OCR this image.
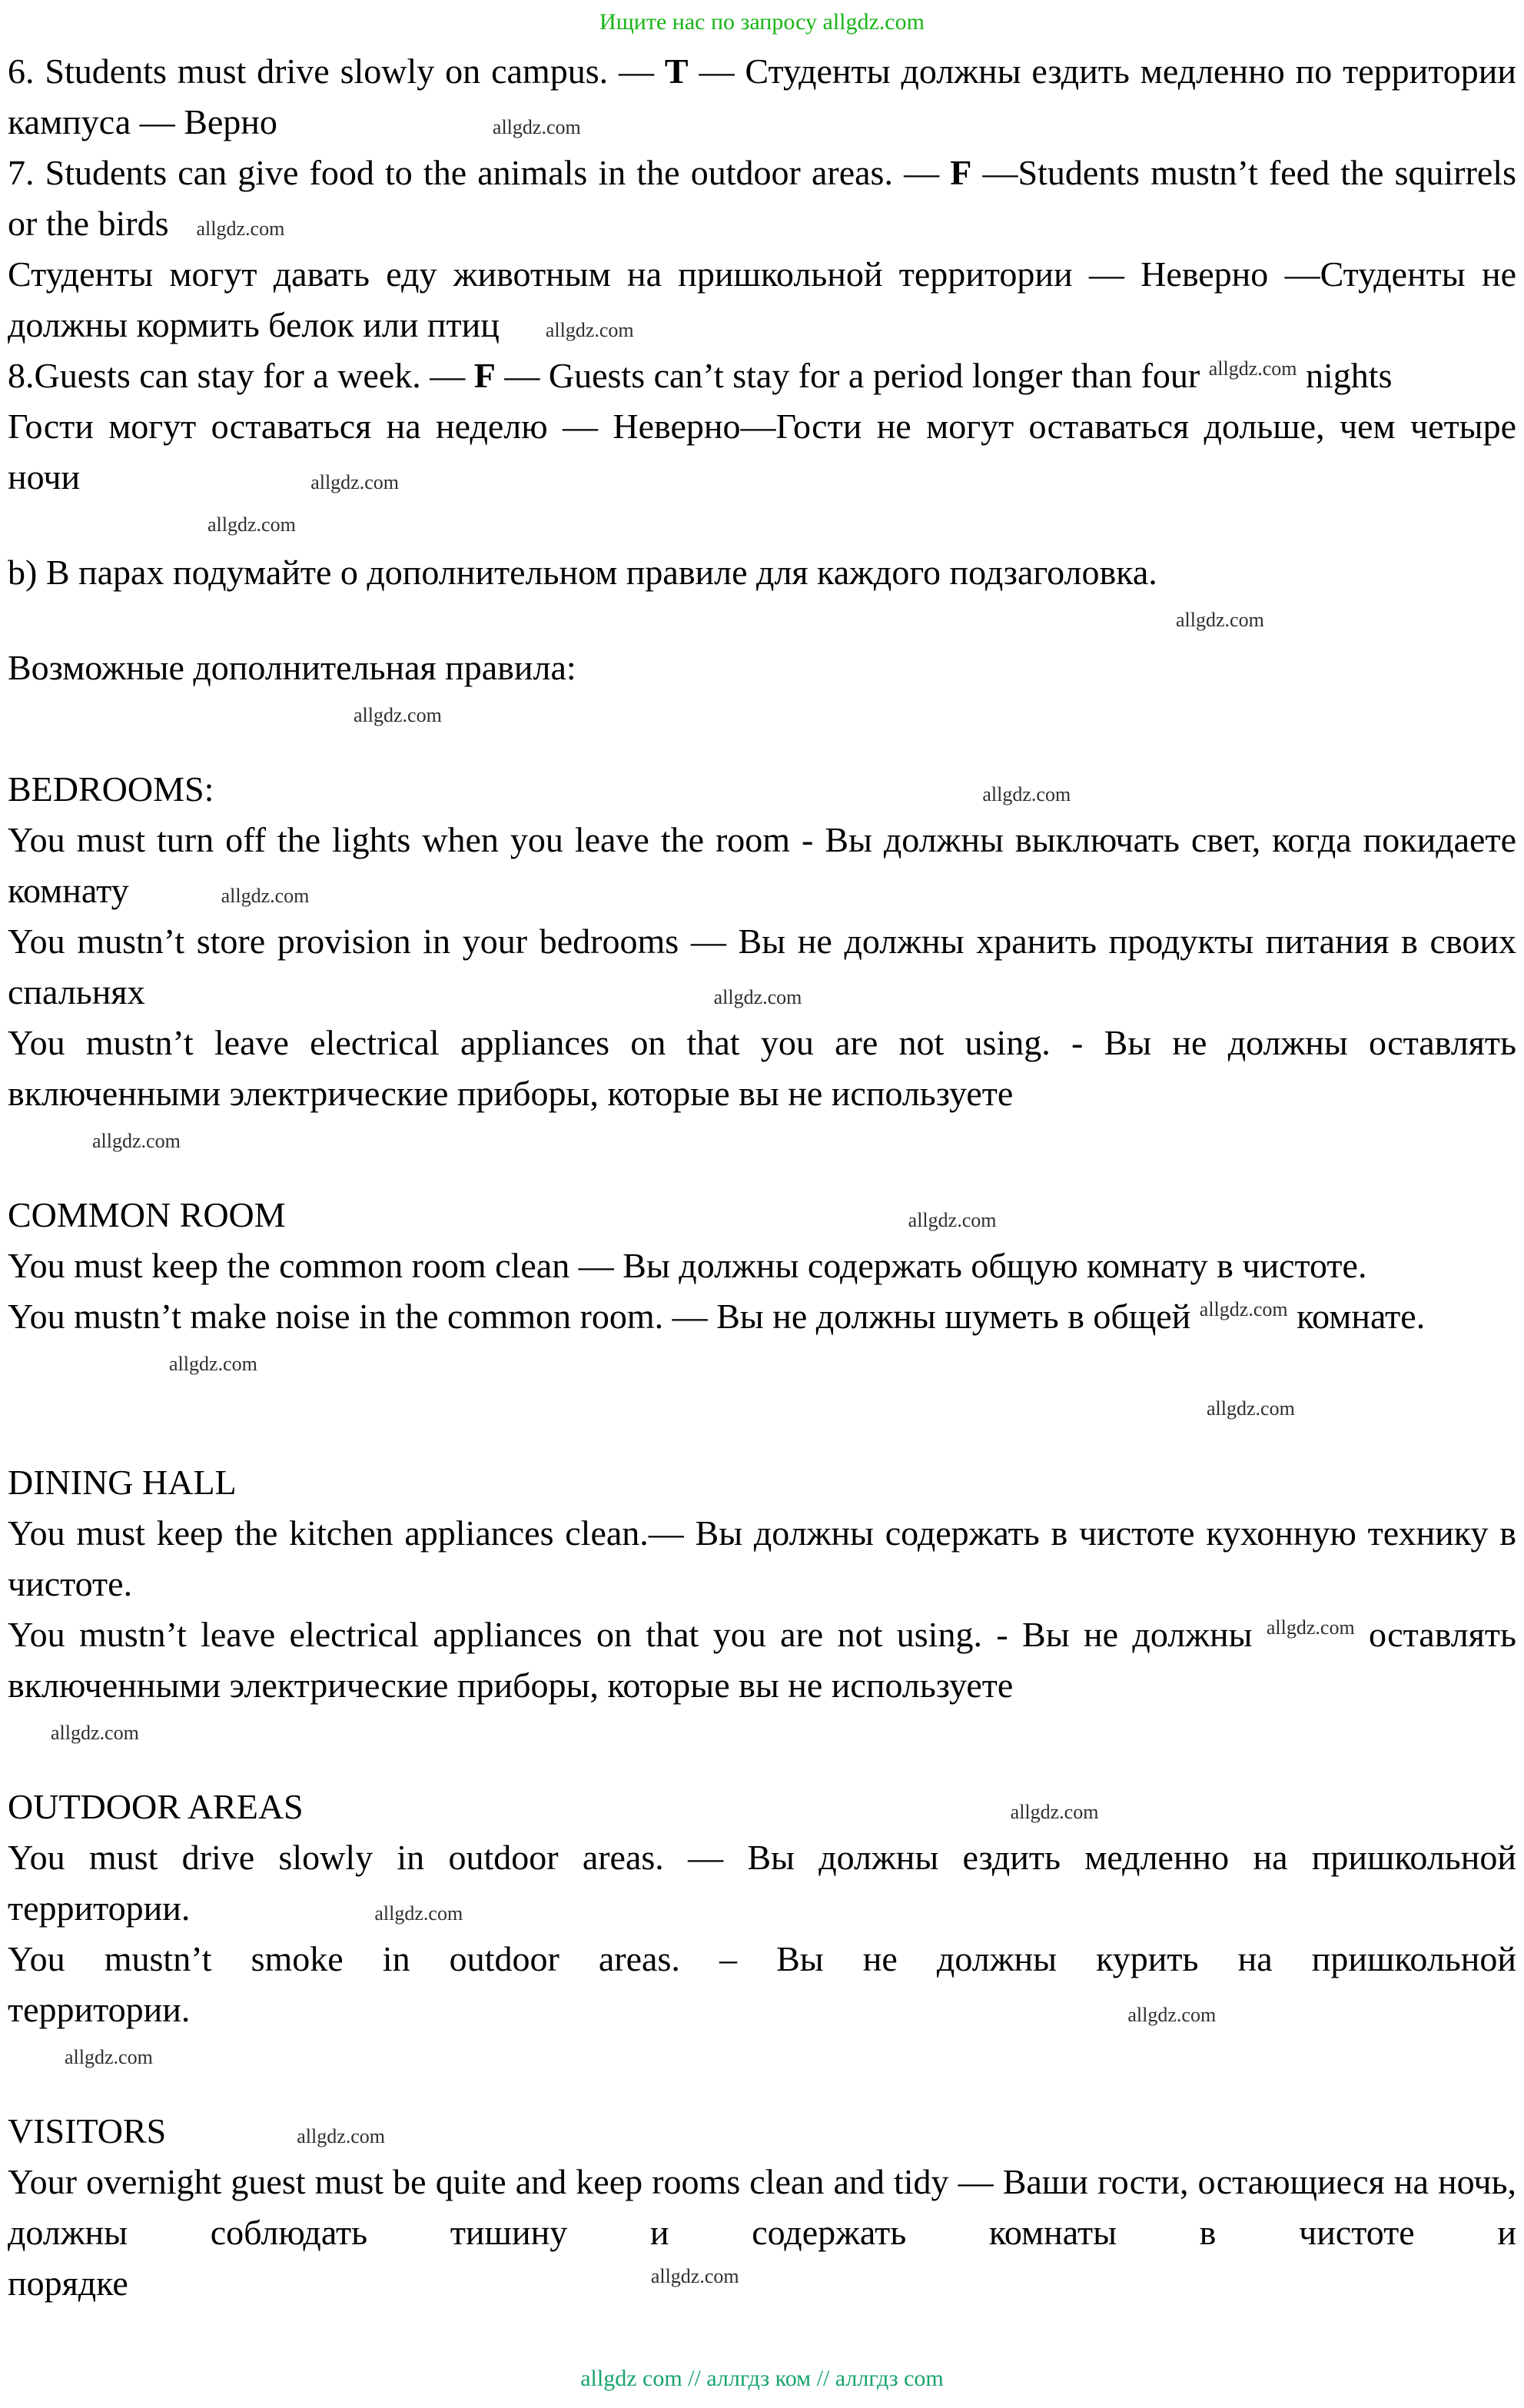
Ищите нас по запросу allgdz.com

6. Students must drive slowly on campus. — T — Студенты должны ездить медленно по территории кампуса — Верно	allgdz.com

7. Students can give food to the animals in the outdoor areas. — F —Students mustn’t feed the squirrels or the birds allgdz.com

Студенты могут давать еду животным на пришкольной территории — Неверно —Студенты не должны кормить белок или птиц allgdz.com

8.Guests can stay for a week. — F — Guests can’t stay for a period longer than four $^{allgdz.com}$ nights

Гости могут оставаться на неделю — Неверно—Гости не могут оставаться дольше, чем четыре ночи	allgdz.com

allgdz.com

b) В парах подумайте о дополнительном правиле для каждого подзаголовка.

allgdz.com

Возможные дополнительная правила:

allgdz.com

BEDROOMS:	allgdz.com

You must turn off the lights when you leave the room - Вы должны выключать свет, когда покидаете комнату	allgdz.com

You mustn’t store provision in your bedrooms — Вы не должны хранить продукты питания в своих спальнях	allgdz.com

You mustn’t leave electrical appliances on that you are not using. - Вы не должны оставлять включенными электрические приборы, которые вы не используете

allgdz.com

COMMON ROOM	allgdz.com

You must keep the common room clean — Вы должны содержать общую комнату в чистоте.

You mustn’t make noise in the common room. — Вы не должны шуметь в общей $^{allgdz.com}$ комнате.

allgdz.com
allgdz.com

DINING HALL

You must keep the kitchen appliances clean.— Вы должны содержать в чистоте кухонную технику в чистоте.

You mustn’t leave electrical appliances on that you are not using. - Вы не должны $^{allgdz.com}$ оставлять включенными электрические приборы, которые вы не используете

allgdz.com

OUTDOOR AREAS	allgdz.com

You must drive slowly in outdoor areas. — Вы должны ездить медленно на пришкольной территории.	allgdz.com

You mustn’t smoke in outdoor areas. – Вы не должны курить на пришкольной территории.	allgdz.com

allgdz.com

VISITORS	allgdz.com

Your overnight guest must be quite and keep rooms clean and tidy — Ваши гости, остающиеся на ночь, должны соблюдать тишину и содержать комнаты в чистоте и порядке	$^{allgdz.com}$

allgdz com // аллгдз ком // аллгдз com
